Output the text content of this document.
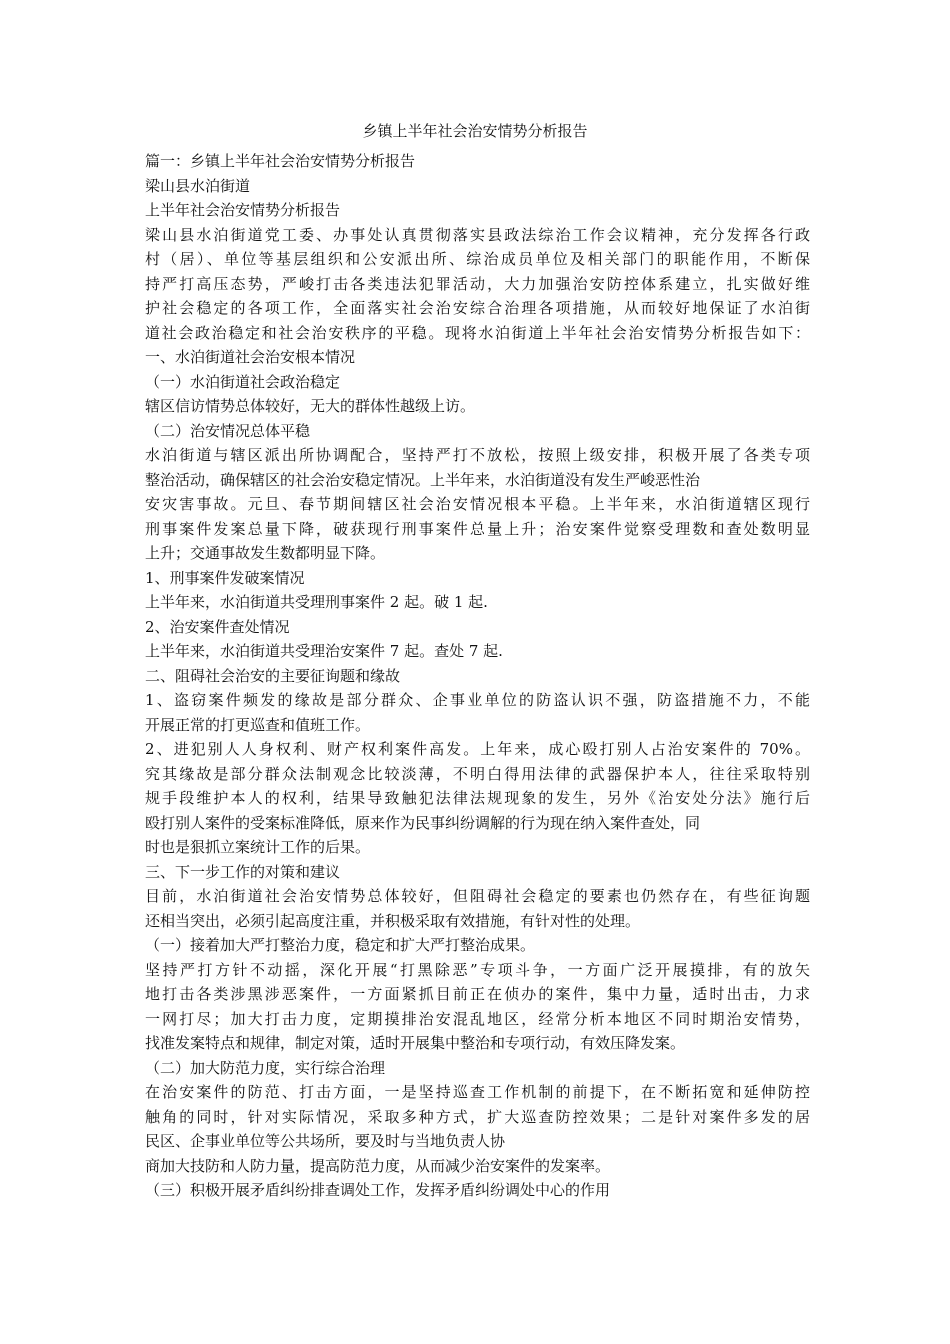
乡镇上半年社会治安情势分析报告
篇一：乡镇上半年社会治安情势分析报告
梁山县水泊街道
上半年社会治安情势分析报告
梁山县水泊街道党工委、办事处认真贯彻落实县政法综治工作会议精神，充分发挥各行政
村（居）、单位等基层组织和公安派出所、综治成员单位及相关部门的职能作用，不断保
持严打高压态势，严峻打击各类违法犯罪活动，大力加强治安防控体系建立，扎实做好维
护社会稳定的各项工作，全面落实社会治安综合治理各项措施，从而较好地保证了水泊街
道社会政治稳定和社会治安秩序的平稳。现将水泊街道上半年社会治安情势分析报告如下：
一、水泊街道社会治安根本情况
（一）水泊街道社会政治稳定
辖区信访情势总体较好，无大的群体性越级上访。
（二）治安情况总体平稳
水泊街道与辖区派出所协调配合，坚持严打不放松，按照上级安排，积极开展了各类专项
整治活动，确保辖区的社会治安稳定情况。上半年来，水泊街道没有发生严峻恶性治
安灾害事故。元旦、春节期间辖区社会治安情况根本平稳。上半年来，水泊街道辖区现行
刑事案件发案总量下降，破获现行刑事案件总量上升；治安案件觉察受理数和查处数明显
上升；交通事故发生数都明显下降。
1、刑事案件发破案情况
上半年来，水泊街道共受理刑事案件 2 起。破 1 起.
2、治安案件查处情况
上半年来，水泊街道共受理治安案件 7 起。查处 7 起.
二、阻碍社会治安的主要征询题和缘故
1、盗窃案件频发的缘故是部分群众、企事业单位的防盗认识不强，防盗措施不力，不能
开展正常的打更巡查和值班工作。
2、进犯别人人身权利、财产权利案件高发。上年来，成心殴打别人占治安案件的 70%。
究其缘故是部分群众法制观念比较淡薄，不明白得用法律的武器保护本人，往往采取特别
规手段维护本人的权利，结果导致触犯法律法规现象的发生，另外《治安处分法》施行后
殴打别人案件的受案标准降低，原来作为民事纠纷调解的行为现在纳入案件查处，同
时也是狠抓立案统计工作的后果。
三、下一步工作的对策和建议
目前，水泊街道社会治安情势总体较好，但阻碍社会稳定的要素也仍然存在，有些征询题
还相当突出，必须引起高度注重，并积极采取有效措施，有针对性的处理。
（一）接着加大严打整治力度，稳定和扩大严打整治成果。
坚持严打方针不动摇，深化开展“打黑除恶”专项斗争，一方面广泛开展摸排，有的放矢
地打击各类涉黑涉恶案件，一方面紧抓目前正在侦办的案件，集中力量，适时出击，力求
一网打尽；加大打击力度，定期摸排治安混乱地区，经常分析本地区不同时期治安情势，
找准发案特点和规律，制定对策，适时开展集中整治和专项行动，有效压降发案。
（二）加大防范力度，实行综合治理
在治安案件的防范、打击方面，一是坚持巡查工作机制的前提下，在不断拓宽和延伸防控
触角的同时，针对实际情况，采取多种方式，扩大巡查防控效果；二是针对案件多发的居
民区、企事业单位等公共场所，要及时与当地负责人协
商加大技防和人防力量，提高防范力度，从而减少治安案件的发案率。
（三）积极开展矛盾纠纷排查调处工作，发挥矛盾纠纷调处中心的作用
